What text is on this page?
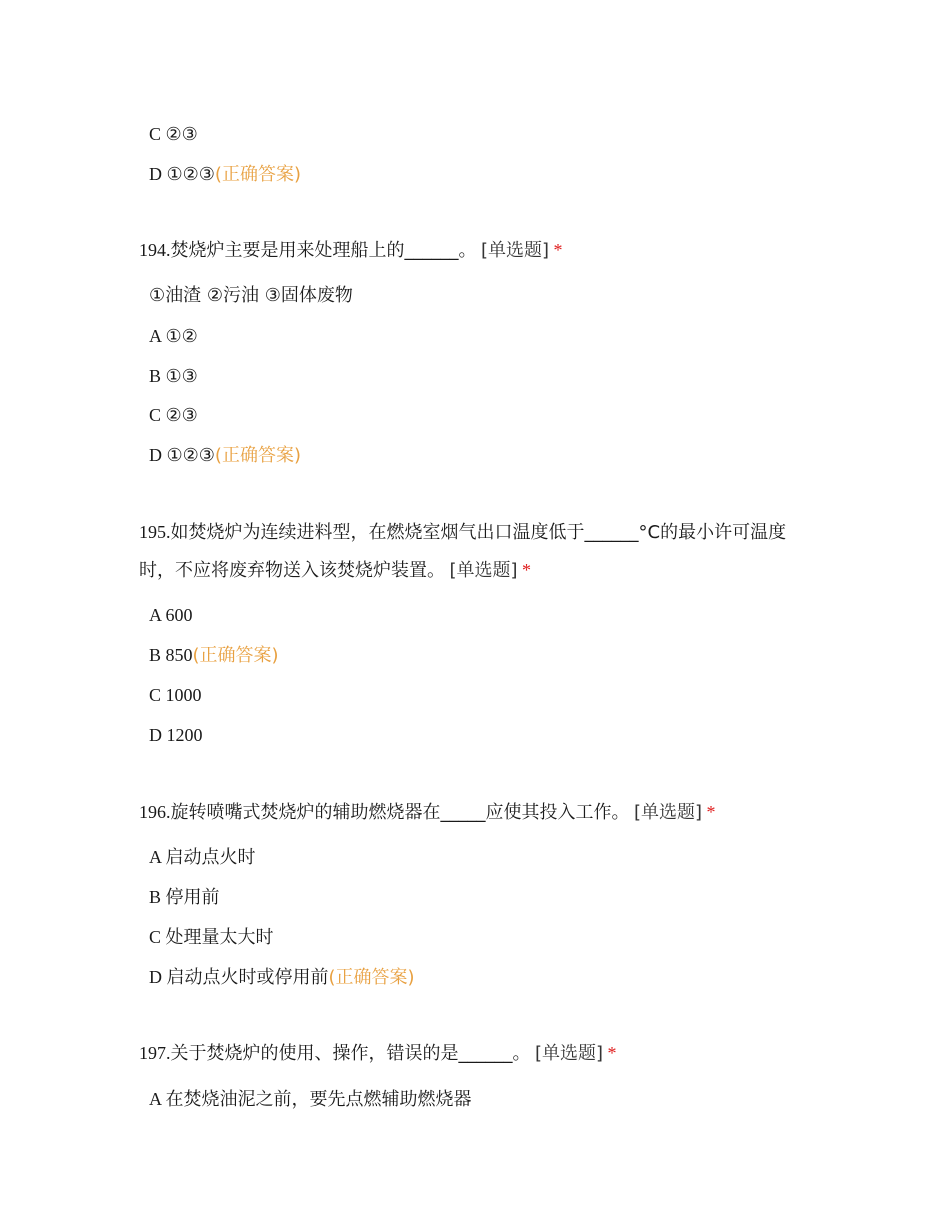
C ②③
D ①②③(正确答案)
194.焚烧炉主要是用来处理船上的______。 [单选题] *
①油渣 ②污油 ③固体废物
A ①②
B ①③
C ②③
D ①②③(正确答案)
195.如焚烧炉为连续进料型，在燃烧室烟气出口温度低于______°C的最小许可温度
时，不应将废弃物送入该焚烧炉装置。 [单选题] *
A 600
B 850(正确答案)
C 1000
D 1200
196.旋转喷嘴式焚烧炉的辅助燃烧器在_____应使其投入工作。 [单选题] *
A 启动点火时
B 停用前
C 处理量太大时
D 启动点火时或停用前(正确答案)
197.关于焚烧炉的使用、操作，错误的是______。 [单选题] *
A 在焚烧油泥之前，要先点燃辅助燃烧器
